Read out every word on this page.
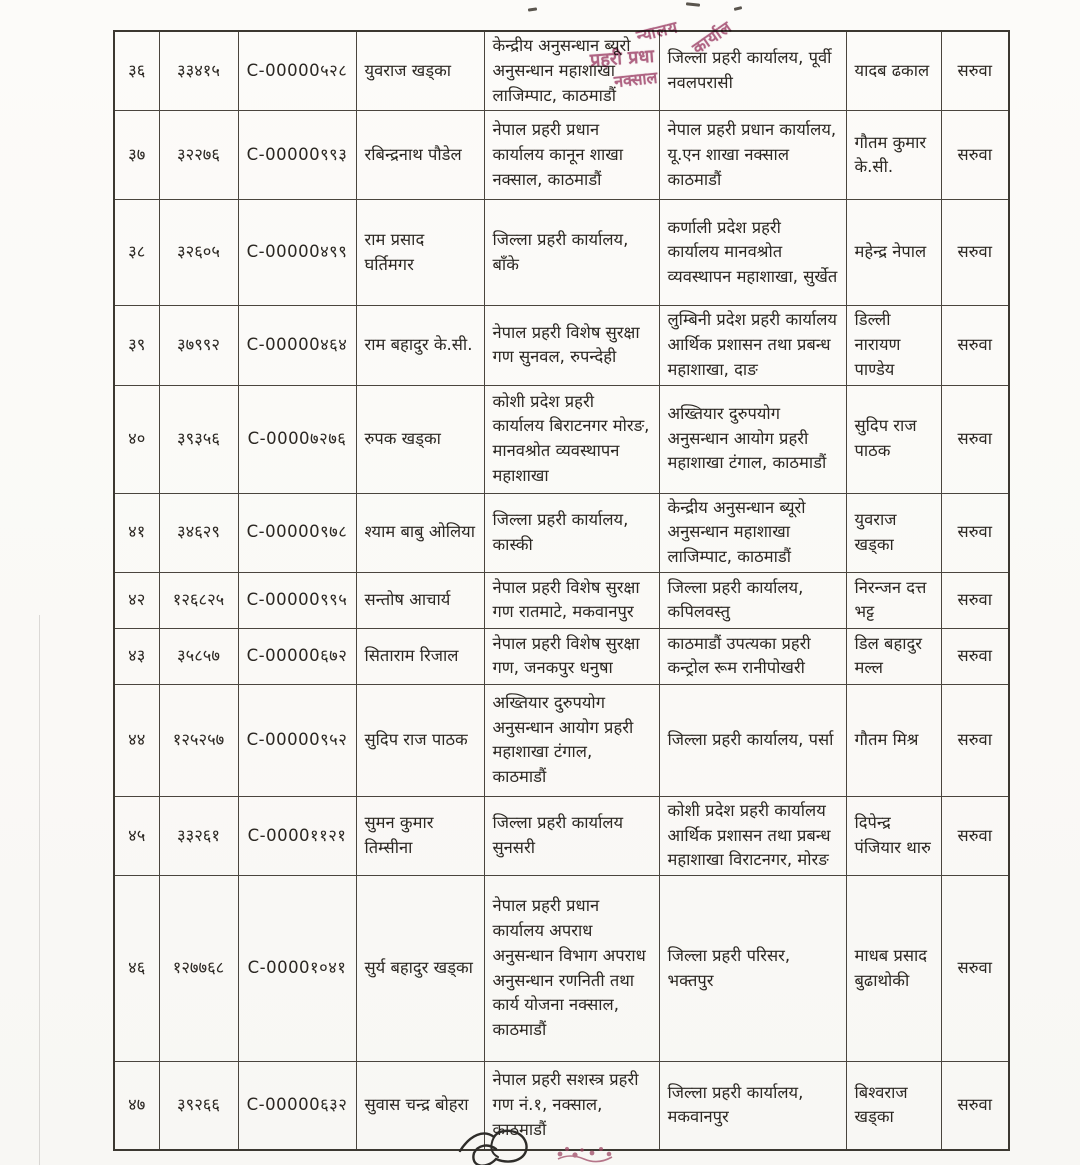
३६	३३४१५	C-00000५२८	युवराज खड्का	केन्द्रीय अनुसन्धान ब्यूरो अनुसन्धान महाशाखा लाजिम्पाट, काठमाडौं	जिल्ला प्रहरी कार्यालय, पूर्वी नवलपरासी	यादब ढकाल	सरुवा
३७	३२२७६	C-00000९९३	रबिन्द्रनाथ पौडेल	नेपाल प्रहरी प्रधान कार्यालय कानून शाखा नक्साल, काठमाडौं	नेपाल प्रहरी प्रधान कार्यालय, यू.एन शाखा नक्साल काठमाडौं	गौतम कुमार के.सी.	सरुवा
३८	३२६०५	C-00000४९९	राम प्रसाद घर्तिमगर	जिल्ला प्रहरी कार्यालय, बाँके	कर्णाली प्रदेश प्रहरी कार्यालय मानवश्रोत व्यवस्थापन महाशाखा, सुर्खेत	महेन्द्र नेपाल	सरुवा
३९	३७९९२	C-00000४६४	राम बहादुर के.सी.	नेपाल प्रहरी विशेष सुरक्षा गण सुनवल, रुपन्देही	लुम्बिनी प्रदेश प्रहरी कार्यालय आर्थिक प्रशासन तथा प्रबन्ध महाशाखा, दाङ	डिल्ली नारायण पाण्डेय	सरुवा
४०	३९३५६	C-0000७२७६	रुपक खड्का	कोशी प्रदेश प्रहरी कार्यालय बिराटनगर मोरङ, मानवश्रोत व्यवस्थापन महाशाखा	अख्तियार दुरुपयोग अनुसन्धान आयोग प्रहरी महाशाखा टंगाल, काठमाडौं	सुदिप राज पाठक	सरुवा
४१	३४६२९	C-00000९७८	श्याम बाबु ओलिया	जिल्ला प्रहरी कार्यालय, कास्की	केन्द्रीय अनुसन्धान ब्यूरो अनुसन्धान महाशाखा लाजिम्पाट, काठमाडौं	युवराज खड्का	सरुवा
४२	१२६८२५	C-00000९९५	सन्तोष आचार्य	नेपाल प्रहरी विशेष सुरक्षा गण रातमाटे, मकवानपुर	जिल्ला प्रहरी कार्यालय, कपिलवस्तु	निरन्जन दत्त भट्ट	सरुवा
४३	३५८५७	C-00000६७२	सिताराम रिजाल	नेपाल प्रहरी विशेष सुरक्षा गण, जनकपुर धनुषा	काठमाडौं उपत्यका प्रहरी कन्ट्रोल रूम रानीपोखरी	डिल बहादुर मल्ल	सरुवा
४४	१२५२५७	C-00000९५२	सुदिप राज पाठक	अख्तियार दुरुपयोग अनुसन्धान आयोग प्रहरी महाशाखा टंगाल, काठमाडौं	जिल्ला प्रहरी कार्यालय, पर्सा	गौतम मिश्र	सरुवा
४५	३३२६१	C-0000११२१	सुमन कुमार तिम्सीना	जिल्ला प्रहरी कार्यालय सुनसरी	कोशी प्रदेश प्रहरी कार्यालय आर्थिक प्रशासन तथा प्रबन्ध महाशाखा विराटनगर, मोरङ	दिपेन्द्र पंजियार थारु	सरुवा
४६	१२७७६८	C-0000१०४१	सुर्य बहादुर खड्का	नेपाल प्रहरी प्रधान कार्यालय अपराध अनुसन्धान विभाग अपराध अनुसन्धान रणनिती तथा कार्य योजना नक्साल, काठमाडौं	जिल्ला प्रहरी परिसर, भक्तपुर	माधब प्रसाद बुढाथोकी	सरुवा
४७	३९२६६	C-00000६३२	सुवास चन्द्र बोहरा	नेपाल प्रहरी सशस्त्र प्रहरी गण नं.१, नक्साल, काठमाडौं	जिल्ला प्रहरी कार्यालय, मकवानपुर	बिश्वराज खड्का	सरुवा
न्यालय कार्याल
प्रहरी प्रधा
नक्साल
